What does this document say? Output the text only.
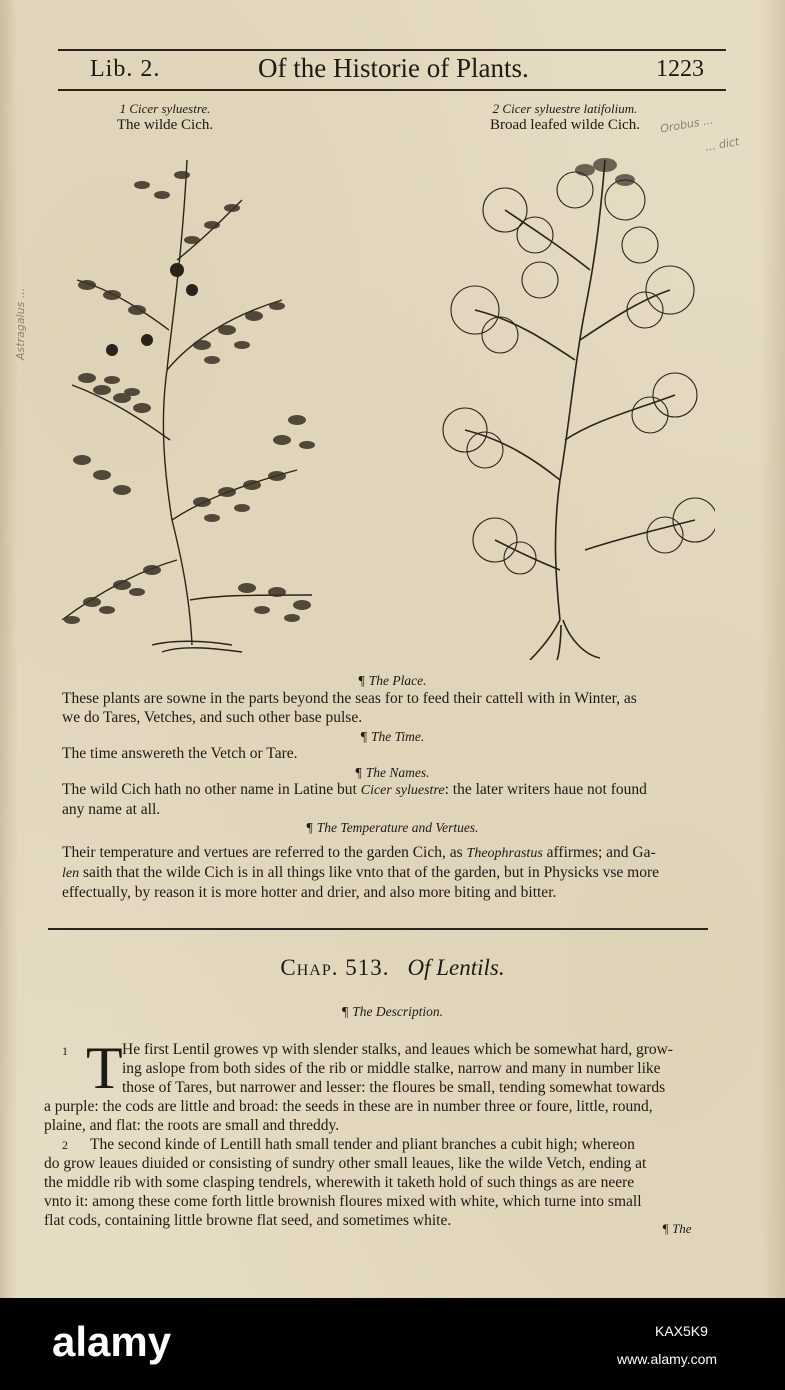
Lib. 2.	Of the Historie of Plants.	1223
1 Cicer syluestre.
The wilde Cich.
2 Cicer syluestre latifolium.
Broad leafed wilde Cich.
Astragalus ...
Orobus ...
... dict
¶ The Place.
These plants are sowne in the parts beyond the seas for to feed their cattell with in Winter, as
we do Tares, Vetches, and such other base pulse.
¶ The Time.
The time answereth the Vetch or Tare.
¶ The Names.
The wild Cich hath no other name in Latine but Cicer syluestre: the later writers haue not found
any name at all.
¶ The Temperature and Vertues.
Their temperature and vertues are referred to the garden Cich, as Theophrastus affirmes; and Ga-
len saith that the wilde Cich is in all things like vnto that of the garden, but in Physicks vse more
effectually, by reason it is more hotter and drier, and also more biting and bitter.
Chap. 513. Of Lentils.
¶ The Description.
1 T He first Lentil growes vp with slender stalks, and leaues which be somewhat hard, grow-
ing aslope from both sides of the rib or middle stalke, narrow and many in number like
those of Tares, but narrower and lesser: the floures be small, tending somewhat towards
a purple: the cods are little and broad: the seeds in these are in number three or foure, little, round,
plaine, and flat: the roots are small and threddy.
2 The second kinde of Lentill hath small tender and pliant branches a cubit high; whereon
do grow leaues diuided or consisting of sundry other small leaues, like the wilde Vetch, ending at
the middle rib with some clasping tendrels, wherewith it taketh hold of such things as are neere
vnto it: among these come forth little brownish floures mixed with white, which turne into small
flat cods, containing little browne flat seed, and sometimes white.	¶ The
alamy	KAX5K9
www.alamy.com
